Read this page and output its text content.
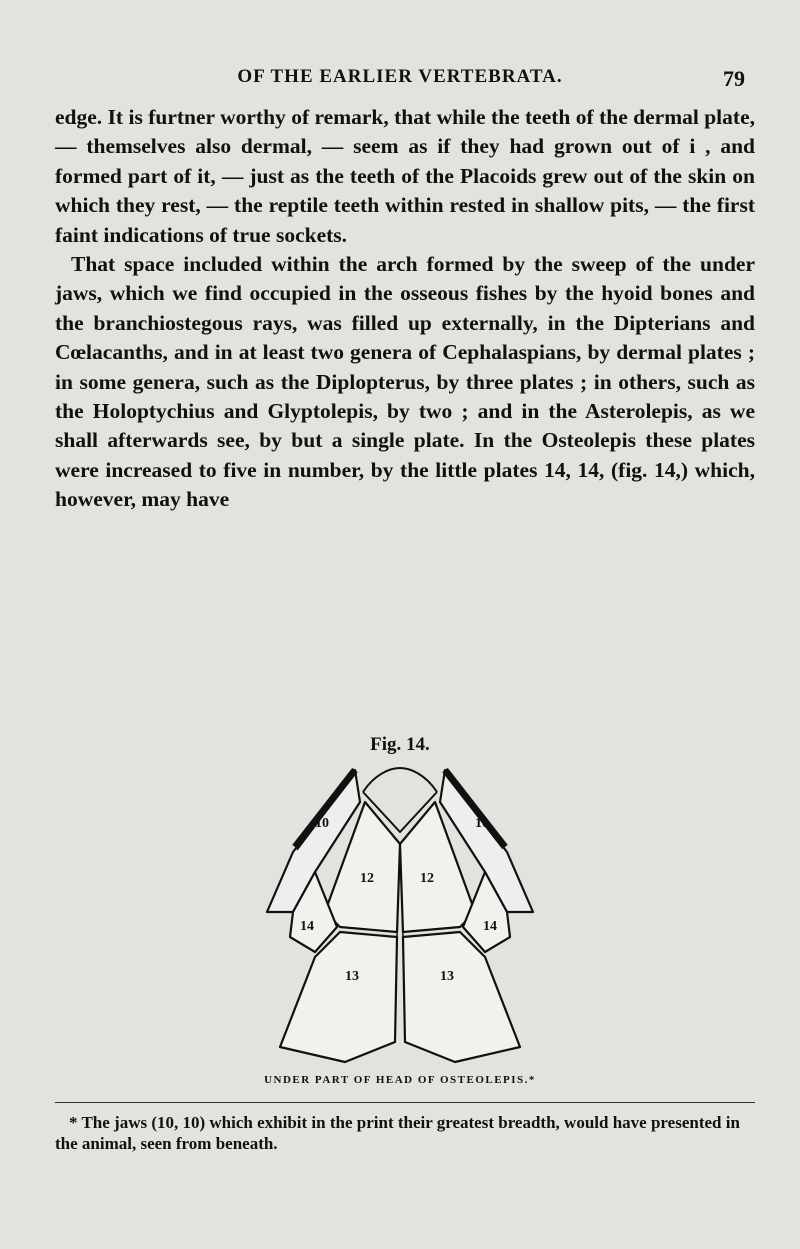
OF THE EARLIER VERTEBRATA.	79

edge. It is furtner worthy of remark, that while the teeth of the dermal plate, — themselves also dermal, — seem as if they had grown out of i , and formed part of it, — just as the teeth of the Placoids grew out of the skin on which they rest, — the reptile teeth within rested in shallow pits, — the first faint indications of true sockets.

That space included within the arch formed by the sweep of the under jaws, which we find occupied in the osseous fishes by the hyoid bones and the branchiostegous rays, was filled up externally, in the Dipterians and Cœlacanths, and in at least two genera of Cephalaspians, by dermal plates ; in some genera, such as the Diplopterus, by three plates ; in others, such as the Holoptychius and Glyptolepis, by two ; and in the Asterolepis, as we shall afterwards see, by but a single plate. In the Osteolepis these plates were increased to five in number, by the little plates 14, 14, (fig. 14,) which, however, may have

Fig. 14.
10	10
12	12
14	14
13	13
UNDER PART OF HEAD OF OSTEOLEPIS.*

* The jaws (10, 10) which exhibit in the print their greatest breadth, would have presented in the animal, seen from beneath.
